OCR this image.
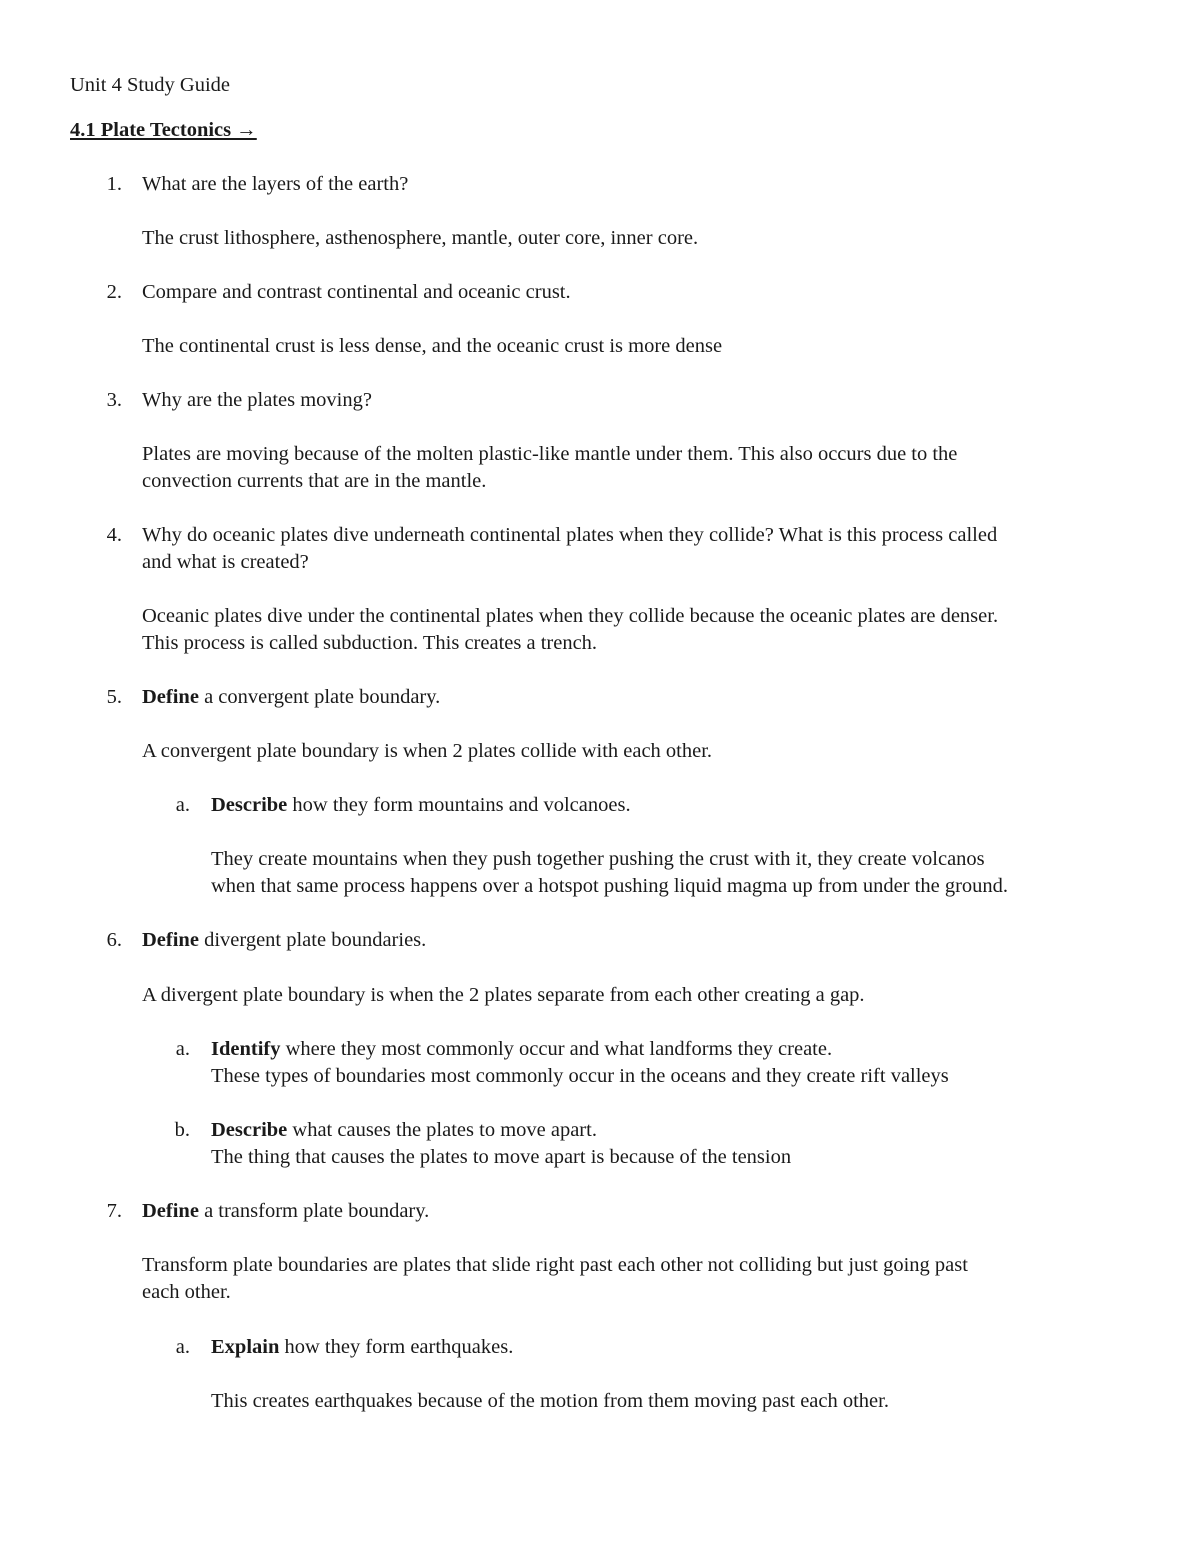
Unit 4 Study Guide
4.1 Plate Tectonics →
1. What are the layers of the earth?
The crust lithosphere, asthenosphere, mantle, outer core, inner core.
2. Compare and contrast continental and oceanic crust.
The continental crust is less dense, and the oceanic crust is more dense
3. Why are the plates moving?
Plates are moving because of the molten plastic-like mantle under them. This also occurs due to the
convection currents that are in the mantle.
4. Why do oceanic plates dive underneath continental plates when they collide? What is this process called
and what is created?
Oceanic plates dive under the continental plates when they collide because the oceanic plates are denser.
This process is called subduction. This creates a trench.
5. Define a convergent plate boundary.
A convergent plate boundary is when 2 plates collide with each other.
a. Describe how they form mountains and volcanoes.
They create mountains when they push together pushing the crust with it, they create volcanos
when that same process happens over a hotspot pushing liquid magma up from under the ground.
6. Define divergent plate boundaries.
A divergent plate boundary is when the 2 plates separate from each other creating a gap.
a. Identify where they most commonly occur and what landforms they create.
These types of boundaries most commonly occur in the oceans and they create rift valleys
b. Describe what causes the plates to move apart.
The thing that causes the plates to move apart is because of the tension
7. Define a transform plate boundary.
Transform plate boundaries are plates that slide right past each other not colliding but just going past
each other.
a. Explain how they form earthquakes.
This creates earthquakes because of the motion from them moving past each other.
